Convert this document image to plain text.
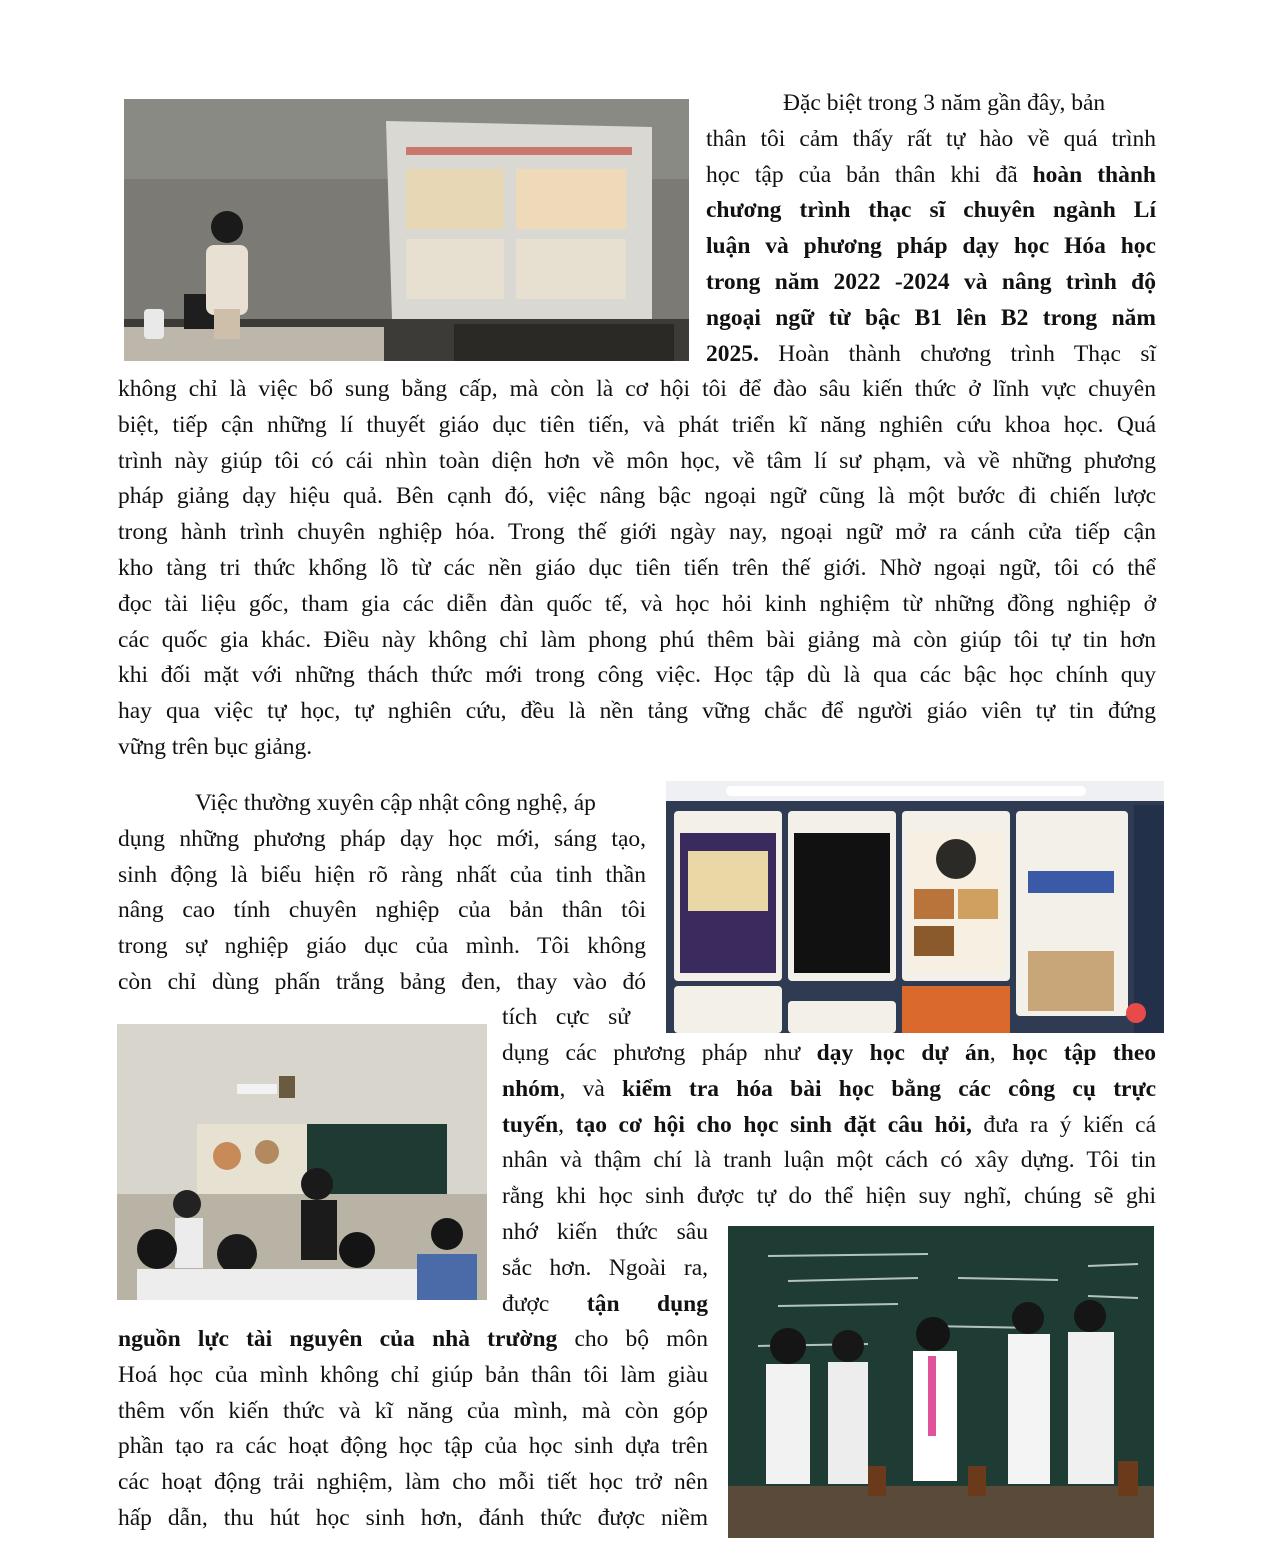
Đặc biệt trong 3 năm gần đây, bản
thân tôi cảm thấy rất tự hào về quá trình
học tập của bản thân khi đã hoàn thành
chương trình thạc sĩ chuyên ngành Lí
luận và phương pháp dạy học Hóa học
trong năm 2022 -2024 và nâng trình độ
ngoại ngữ từ bậc B1 lên B2 trong năm
2025. Hoàn thành chương trình Thạc sĩ
không chỉ là việc bổ sung bằng cấp, mà còn là cơ hội tôi để đào sâu kiến thức ở lĩnh vực chuyên
biệt, tiếp cận những lí thuyết giáo dục tiên tiến, và phát triển kĩ năng nghiên cứu khoa học. Quá
trình này giúp tôi có cái nhìn toàn diện hơn về môn học, về tâm lí sư phạm, và về những phương
pháp giảng dạy hiệu quả. Bên cạnh đó, việc nâng bậc ngoại ngữ cũng là một bước đi chiến lược
trong hành trình chuyên nghiệp hóa. Trong thế giới ngày nay, ngoại ngữ mở ra cánh cửa tiếp cận
kho tàng tri thức khổng lồ từ các nền giáo dục tiên tiến trên thế giới. Nhờ ngoại ngữ, tôi có thể
đọc tài liệu gốc, tham gia các diễn đàn quốc tế, và học hỏi kinh nghiệm từ những đồng nghiệp ở
các quốc gia khác. Điều này không chỉ làm phong phú thêm bài giảng mà còn giúp tôi tự tin hơn
khi đối mặt với những thách thức mới trong công việc. Học tập dù là qua các bậc học chính quy
hay qua việc tự học, tự nghiên cứu, đều là nền tảng vững chắc để người giáo viên tự tin đứng
vững trên bục giảng.
Việc thường xuyên cập nhật công nghệ, áp
dụng những phương pháp dạy học mới, sáng tạo,
sinh động là biểu hiện rõ ràng nhất của tinh thần
nâng cao tính chuyên nghiệp của bản thân tôi
trong sự nghiệp giáo dục của mình. Tôi không
còn chỉ dùng phấn trắng bảng đen, thay vào đó
tích cực sử
dụng các phương pháp như dạy học dự án, học tập theo
nhóm, và kiểm tra hóa bài học bằng các công cụ trực
tuyến, tạo cơ hội cho học sinh đặt câu hỏi, đưa ra ý kiến cá
nhân và thậm chí là tranh luận một cách có xây dựng. Tôi tin
rằng khi học sinh được tự do thể hiện suy nghĩ, chúng sẽ ghi
nhớ kiến thức sâu
sắc hơn. Ngoài ra,
được tận dụng
nguồn lực tài nguyên của nhà trường cho bộ môn
Hoá học của mình không chỉ giúp bản thân tôi làm giàu
thêm vốn kiến thức và kĩ năng của mình, mà còn góp
phần tạo ra các hoạt động học tập của học sinh dựa trên
các hoạt động trải nghiệm, làm cho mỗi tiết học trở nên
hấp dẫn, thu hút học sinh hơn, đánh thức được niềm
